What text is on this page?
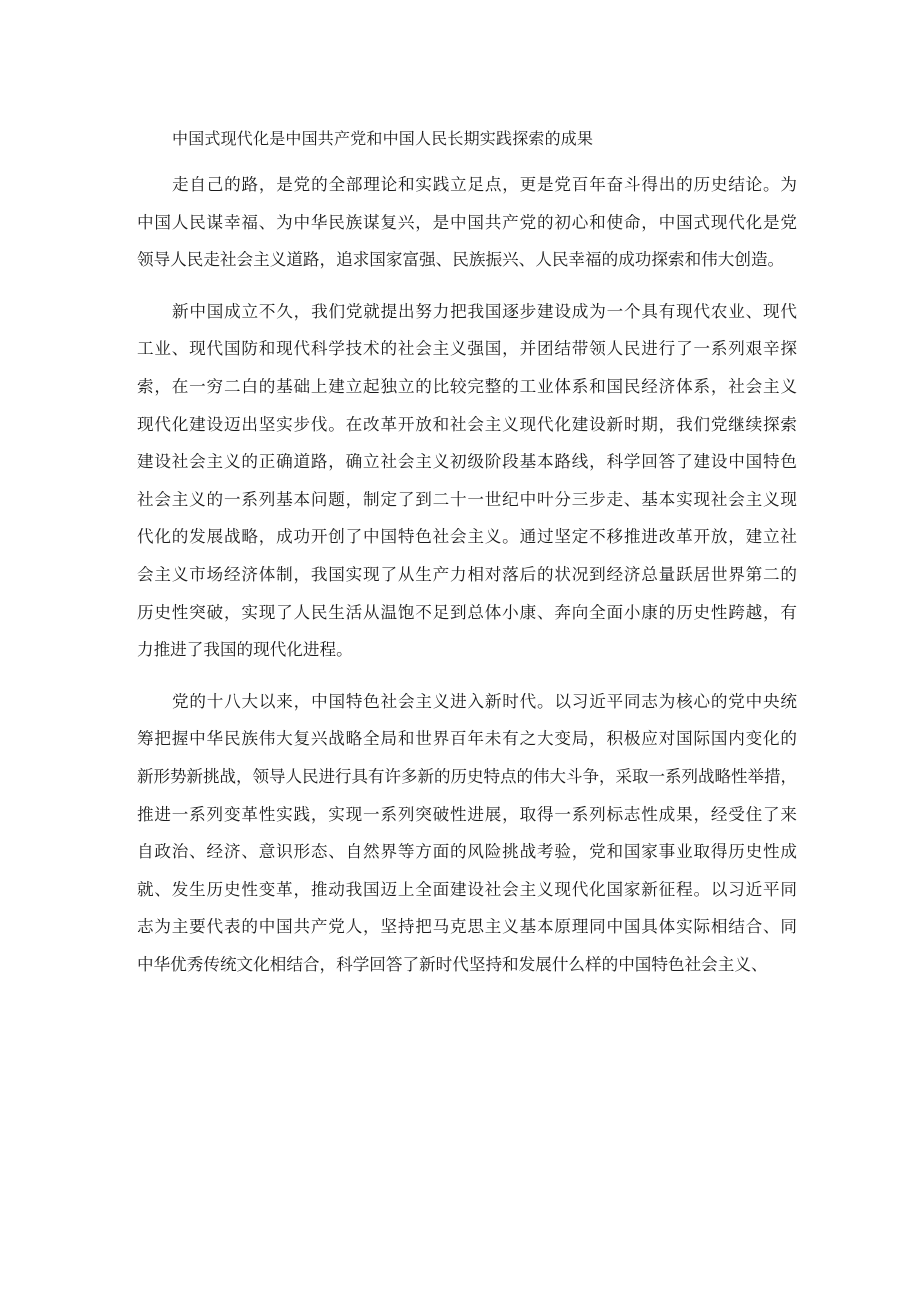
中国式现代化是中国共产党和中国人民长期实践探索的成果
走自己的路，是党的全部理论和实践立足点，更是党百年奋斗得出的历史结论。为
中国人民谋幸福、为中华民族谋复兴，是中国共产党的初心和使命，中国式现代化是党
领导人民走社会主义道路，追求国家富强、民族振兴、人民幸福的成功探索和伟大创造。
新中国成立不久，我们党就提出努力把我国逐步建设成为一个具有现代农业、现代
工业、现代国防和现代科学技术的社会主义强国，并团结带领人民进行了一系列艰辛探
索，在一穷二白的基础上建立起独立的比较完整的工业体系和国民经济体系，社会主义
现代化建设迈出坚实步伐。在改革开放和社会主义现代化建设新时期，我们党继续探索
建设社会主义的正确道路，确立社会主义初级阶段基本路线，科学回答了建设中国特色
社会主义的一系列基本问题，制定了到二十一世纪中叶分三步走、基本实现社会主义现
代化的发展战略，成功开创了中国特色社会主义。通过坚定不移推进改革开放，建立社
会主义市场经济体制，我国实现了从生产力相对落后的状况到经济总量跃居世界第二的
历史性突破，实现了人民生活从温饱不足到总体小康、奔向全面小康的历史性跨越，有
力推进了我国的现代化进程。
党的十八大以来，中国特色社会主义进入新时代。以习近平同志为核心的党中央统
筹把握中华民族伟大复兴战略全局和世界百年未有之大变局，积极应对国际国内变化的
新形势新挑战，领导人民进行具有许多新的历史特点的伟大斗争，采取一系列战略性举措，
推进一系列变革性实践，实现一系列突破性进展，取得一系列标志性成果，经受住了来
自政治、经济、意识形态、自然界等方面的风险挑战考验，党和国家事业取得历史性成
就、发生历史性变革，推动我国迈上全面建设社会主义现代化国家新征程。以习近平同
志为主要代表的中国共产党人，坚持把马克思主义基本原理同中国具体实际相结合、同
中华优秀传统文化相结合，科学回答了新时代坚持和发展什么样的中国特色社会主义、
